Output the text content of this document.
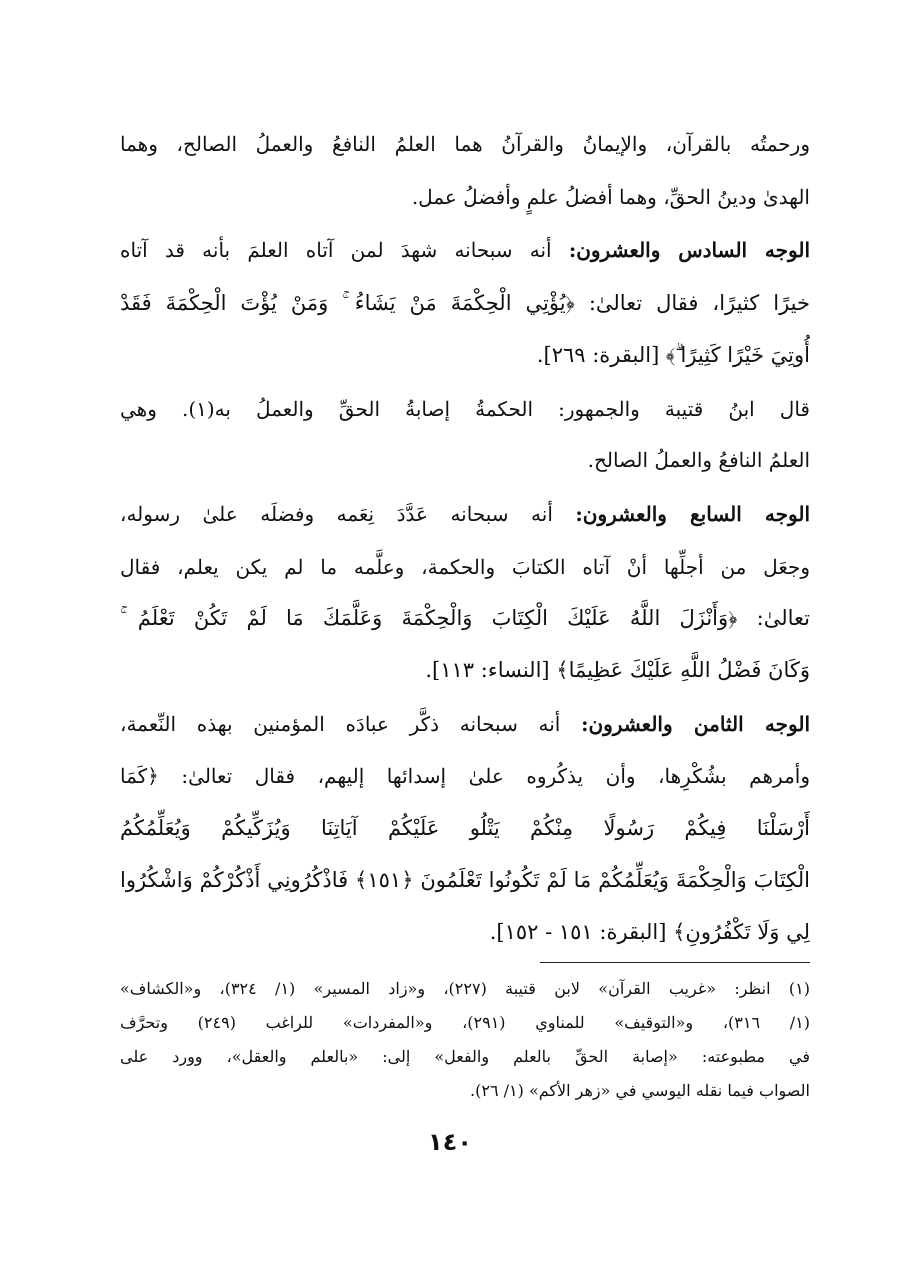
ورحمتُه بالقرآن، والإيمانُ والقرآنُ هما العلمُ النافعُ والعملُ الصالح، وهما
الهدىٰ ودينُ الحقِّ، وهما أفضلُ علمٍ وأفضلُ عمل.
الوجه السادس والعشرون: أنه سبحانه شهدَ لمن آتاه العلمَ بأنه قد آتاه
خيرًا كثيرًا، فقال تعالىٰ: ﴿يُؤْتِي الْحِكْمَةَ مَنْ يَشَاءُ ۚ وَمَنْ يُؤْتَ الْحِكْمَةَ فَقَدْ
أُوتِيَ خَيْرًا كَثِيرًا ۗ﴾ [البقرة: ٢٦٩].
قال ابنُ قتيبة والجمهور: الحكمةُ إصابةُ الحقِّ والعملُ به(١). وهي
العلمُ النافعُ والعملُ الصالح.
الوجه السابع والعشرون: أنه سبحانه عَدَّدَ نِعَمه وفضلَه علىٰ رسوله،
وجعَل من أجلِّها أنْ آتاه الكتابَ والحكمة، وعلَّمه ما لم يكن يعلم، فقال
تعالىٰ: ﴿وَأَنْزَلَ اللَّهُ عَلَيْكَ الْكِتَابَ وَالْحِكْمَةَ وَعَلَّمَكَ مَا لَمْ تَكُنْ تَعْلَمُ ۚ
وَكَانَ فَضْلُ اللَّهِ عَلَيْكَ عَظِيمًا﴾ [النساء: ١١٣].
الوجه الثامن والعشرون: أنه سبحانه ذكَّر عبادَه المؤمنين بهذه النِّعمة،
وأمرهم بشُكْرِها، وأن يذكُروه علىٰ إسدائها إليهم، فقال تعالىٰ: ﴿كَمَا
أَرْسَلْنَا فِيكُمْ رَسُولًا مِنْكُمْ يَتْلُو عَلَيْكُمْ آيَاتِنَا وَيُزَكِّيكُمْ وَيُعَلِّمُكُمُ
الْكِتَابَ وَالْحِكْمَةَ وَيُعَلِّمُكُمْ مَا لَمْ تَكُونُوا تَعْلَمُونَ ﴿١٥١﴾ فَاذْكُرُونِي أَذْكُرْكُمْ وَاشْكُرُوا
لِي وَلَا تَكْفُرُونِ﴾ [البقرة: ١٥١ - ١٥٢].
(١) انظر: «غريب القرآن» لابن قتيبة (٢٢٧)، و«زاد المسير» (١/ ٣٢٤)، و«الكشاف»
(١/ ٣١٦)، و«التوقيف» للمناوي (٢٩١)، و«المفردات» للراغب (٢٤٩) وتحرَّف
في مطبوعته: «إصابة الحقِّ بالعلم والفعل» إلى: «بالعلم والعقل»، وورد على
الصواب فيما نقله اليوسي في «زهر الأكم» (١/ ٢٦).
١٤٠
